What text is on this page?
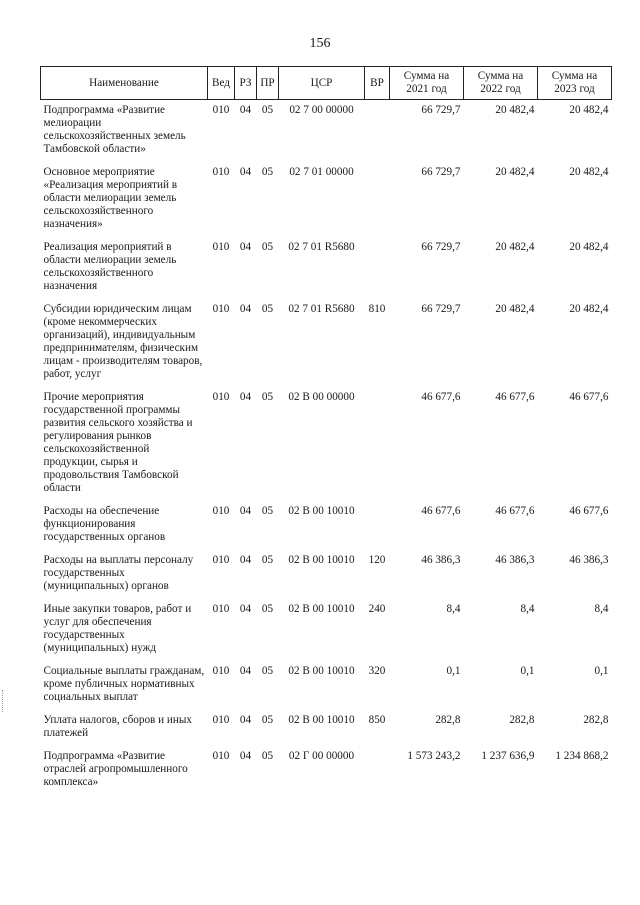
156
Наименование	Вед	РЗ	ПР	ЦСР	ВР	Сумма на 2021 год	Сумма на 2022 год	Сумма на 2023 год
Подпрограмма «Развитие мелиорации сельскохозяйственных земель Тамбовской области»	010	04	05	02 7 00 00000		66 729,7	20 482,4	20 482,4
Основное мероприятие «Реализация мероприятий в области мелиорации земель сельскохозяйственного назначения»	010	04	05	02 7 01 00000		66 729,7	20 482,4	20 482,4
Реализация мероприятий в области мелиорации земель сельскохозяйственного назначения	010	04	05	02 7 01 R5680		66 729,7	20 482,4	20 482,4
Субсидии юридическим лицам (кроме некоммерческих организаций), индивидуальным предпринимателям, физическим лицам - производителям товаров, работ, услуг	010	04	05	02 7 01 R5680	810	66 729,7	20 482,4	20 482,4
Прочие мероприятия государственной программы развития сельского хозяйства и регулирования рынков сельскохозяйственной продукции, сырья и продовольствия Тамбовской области	010	04	05	02 В 00 00000		46 677,6	46 677,6	46 677,6
Расходы на обеспечение функционирования государственных органов	010	04	05	02 В 00 10010		46 677,6	46 677,6	46 677,6
Расходы на выплаты персоналу государственных (муниципальных) органов	010	04	05	02 В 00 10010	120	46 386,3	46 386,3	46 386,3
Иные закупки товаров, работ и услуг для обеспечения государственных (муниципальных) нужд	010	04	05	02 В 00 10010	240	8,4	8,4	8,4
Социальные выплаты гражданам, кроме публичных нормативных социальных выплат	010	04	05	02 В 00 10010	320	0,1	0,1	0,1
Уплата налогов, сборов и иных платежей	010	04	05	02 В 00 10010	850	282,8	282,8	282,8
Подпрограмма «Развитие отраслей агропромышленного комплекса»	010	04	05	02 Г 00 00000		1 573 243,2	1 237 636,9	1 234 868,2
